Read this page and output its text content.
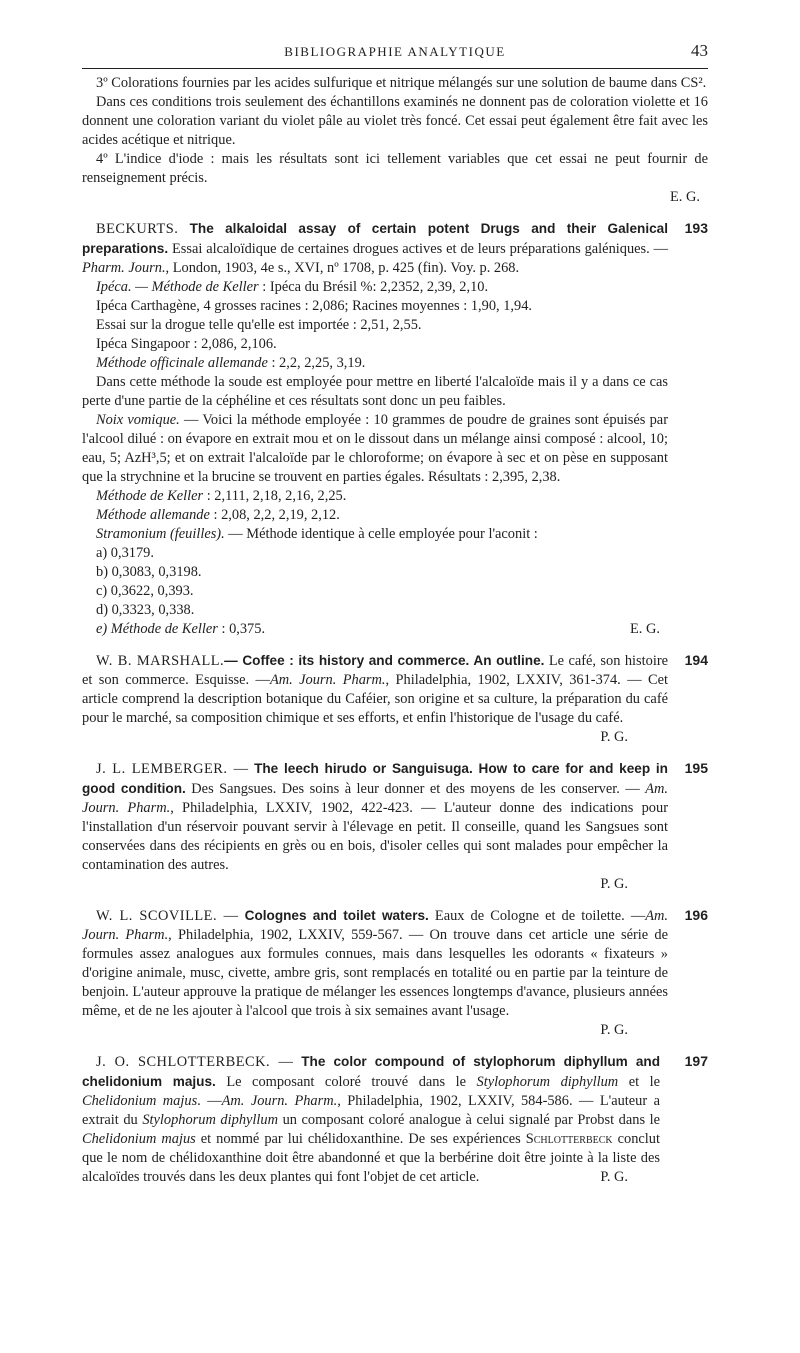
BIBLIOGRAPHIE ANALYTIQUE	43

3º Colorations fournies par les acides sulfurique et nitrique mélangés sur une solution de baume dans CS².

Dans ces conditions trois seulement des échantillons examinés ne donnent pas de coloration violette et 16 donnent une coloration variant du violet pâle au violet très foncé. Cet essai peut également être fait avec les acides acétique et nitrique.

4º L'indice d'iode : mais les résultats sont ici tellement variables que cet essai ne peut fournir de renseignement précis.

E. G.
193
BECKURTS. The alkaloidal assay of certain potent Drugs and their Galenical preparations. Essai alcaloïdique de certaines drogues actives et de leurs préparations galéniques. — Pharm. Journ., London, 1903, 4e s., XVI, nº 1708, p. 425 (fin). Voy. p. 268.
Ipéca. — Méthode de Keller : Ipéca du Brésil %: 2,2352, 2,39, 2,10.
Ipéca Carthagène, 4 grosses racines : 2,086; Racines moyennes : 1,90, 1,94.
Essai sur la drogue telle qu'elle est importée : 2,51, 2,55.
Ipéca Singapoor : 2,086, 2,106.
Méthode officinale allemande : 2,2, 2,25, 3,19.

Dans cette méthode la soude est employée pour mettre en liberté l'alcaloïde mais il y a dans ce cas perte d'une partie de la céphéline et ces résultats sont donc un peu faibles.

Noix vomique. — Voici la méthode employée : 10 grammes de poudre de graines sont épuisés par l'alcool dilué : on évapore en extrait mou et on le dissout dans un mélange ainsi composé : alcool, 10; eau, 5; AzH³,5; et on extrait l'alcaloïde par le chloroforme; on évapore à sec et on pèse en supposant que la strychnine et la brucine se trouvent en parties égales. Résultats : 2,395, 2,38.

Méthode de Keller : 2,111, 2,18, 2,16, 2,25.
Méthode allemande : 2,08, 2,2, 2,19, 2,12.
Stramonium (feuilles). — Méthode identique à celle employée pour l'aconit :
a) 0,3179.
b) 0,3083, 0,3198.
c) 0,3622, 0,393.
d) 0,3323, 0,338.
e) Méthode de Keller : 0,375.	E. G.
194

W. B. MARSHALL.— Coffee : its history and commerce. An outline. Le café, son histoire et son commerce. Esquisse. —Am. Journ. Pharm., Philadelphia, 1902, LXXIV, 361-374. — Cet article comprend la description botanique du Caféier, son origine et sa culture, la préparation du café pour le marché, sa composition chimique et ses efforts, et enfin l'historique de l'usage du café.

P. G.
195

J. L. LEMBERGER. — The leech hirudo or Sanguisuga. How to care for and keep in good condition. Des Sangsues. Des soins à leur donner et des moyens de les conserver. — Am. Journ. Pharm., Philadelphia, LXXIV, 1902, 422-423. — L'auteur donne des indications pour l'installation d'un réservoir pouvant servir à l'élevage en petit. Il conseille, quand les Sangsues sont conservées dans des récipients en grès ou en bois, d'isoler celles qui sont malades pour empêcher la contamination des autres.

P. G.
196

W. L. SCOVILLE. — Colognes and toilet waters. Eaux de Cologne et de toilette. —Am. Journ. Pharm., Philadelphia, 1902, LXXIV, 559-567. — On trouve dans cet article une série de formules assez analogues aux formules connues, mais dans lesquelles les odorants « fixateurs » d'origine animale, musc, civette, ambre gris, sont remplacés en totalité ou en partie par la teinture de benjoin. L'auteur approuve la pratique de mélanger les essences longtemps d'avance, plusieurs années même, et de ne les ajouter à l'alcool que trois à six semaines avant l'usage.

P. G.
197
J. O. SCHLOTTERBECK. — The color compound of stylophorum diphyllum and chelidonium majus. Le composant coloré trouvé dans le Stylophorum diphyllum et le Chelidonium majus. —Am. Journ. Pharm., Philadelphia, 1902, LXXIV, 584-586. — L'auteur a extrait du Stylophorum diphyllum un composant coloré analogue à celui signalé par Probst dans le Chelidonium majus et nommé par lui chélidoxanthine. De ses expériences Schlotterbeck conclut que le nom de chélidoxanthine doit être abandonné et que la berbérine doit être jointe à la liste des alcaloïdes trouvés dans les deux plantes qui font l'objet de cet article.	P. G.
